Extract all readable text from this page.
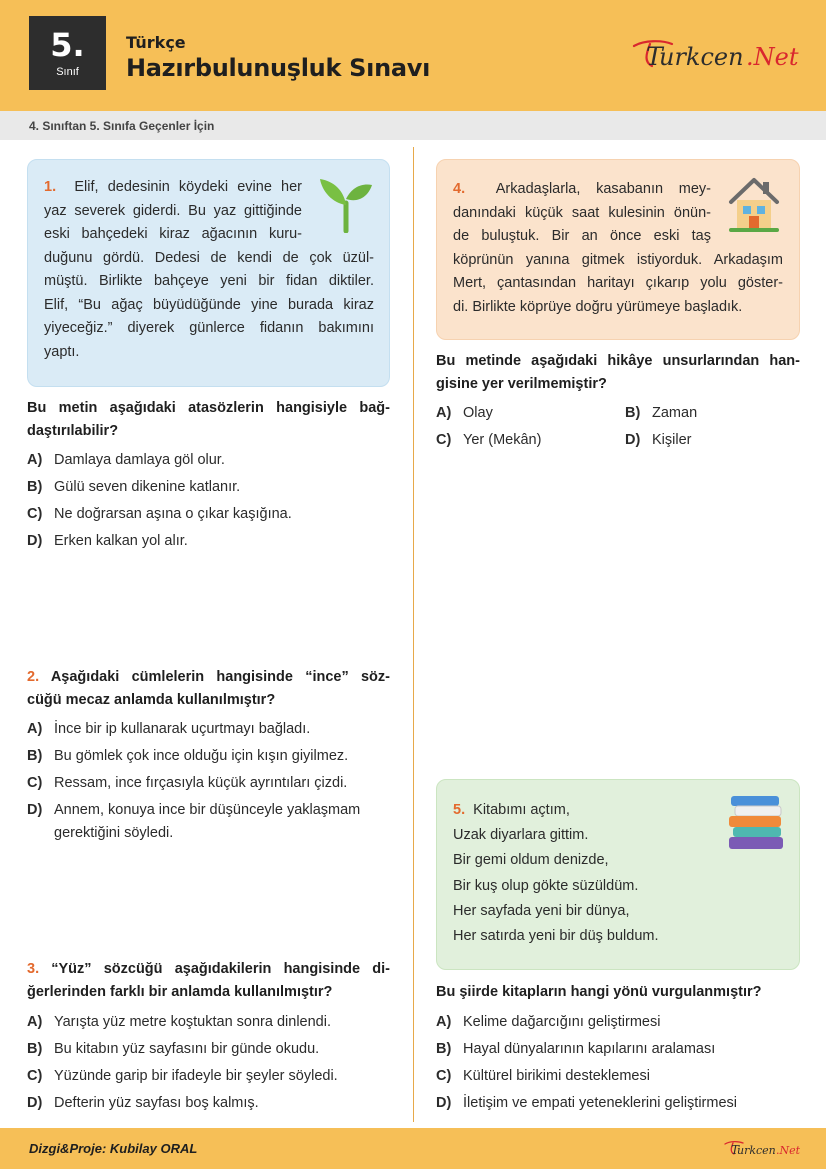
5.
Sınıf
Türkçe
Hazırbulunuşluk Sınavı	T
urkcen .Net
4. Sınıftan 5. Sınıfa Geçenler İçin
1. Elif, dedesinin köydeki evine her
yaz severek giderdi. Bu yaz gittiğinde
eski bahçedeki kiraz ağacının kuru-
duğunu gördü. Dedesi de kendi de çok üzül-
müştü. Birlikte bahçeye yeni bir fidan diktiler.
Elif, “Bu ağaç büyüdüğünde yine burada kiraz
yiyeceğiz.” diyerek günlerce fidanın bakımını
yaptı.
Bu metin aşağıdaki atasözlerin hangisiyle bağ-
daştırılabilir?
A) Damlaya damlaya göl olur.
B) Gülü seven dikenine katlanır.
C) Ne doğrarsan aşına o çıkar kaşığına.
D) Erken kalkan yol alır.
2. Aşağıdaki cümlelerin hangisinde “ince” söz-
cüğü mecaz anlamda kullanılmıştır?
A) İnce bir ip kullanarak uçurtmayı bağladı.
B) Bu gömlek çok ince olduğu için kışın giyilmez.
C) Ressam, ince fırçasıyla küçük ayrıntıları çizdi.
D) Annem, konuya ince bir düşünceyle yaklaşmam
gerektiğini söyledi.
3. “Yüz” sözcüğü aşağıdakilerin hangisinde di-
ğerlerinden farklı bir anlamda kullanılmıştır?
A) Yarışta yüz metre koştuktan sonra dinlendi.
B) Bu kitabın yüz sayfasını bir günde okudu.
C) Yüzünde garip bir ifadeyle bir şeyler söyledi.
D) Defterin yüz sayfası boş kalmış.
4. Arkadaşlarla, kasabanın mey-
danındaki küçük saat kulesinin önün-
de buluştuk. Bir an önce eski taş
köprünün yanına gitmek istiyorduk. Arkadaşım
Mert, çantasından haritayı çıkarıp yolu göster-
di. Birlikte köprüye doğru yürümeye başladık.
Bu metinde aşağıdaki hikâye unsurlarından han-
gisine yer verilmemiştir?
A) Olay	B) Zaman
C) Yer (Mekân)	D) Kişiler
5. Kitabımı açtım,
Uzak diyarlara gittim.
Bir gemi oldum denizde,
Bir kuş olup gökte süzüldüm.
Her sayfada yeni bir dünya,
Her satırda yeni bir düş buldum.
Bu şiirde kitapların hangi yönü vurgulanmıştır?
A) Kelime dağarcığını geliştirmesi
B) Hayal dünyalarının kapılarını aralaması
C) Kültürel birikimi desteklemesi
D) İletişim ve empati yeteneklerini geliştirmesi
Dizgi&Proje: Kubilay ORAL	T
urkcen .Net
